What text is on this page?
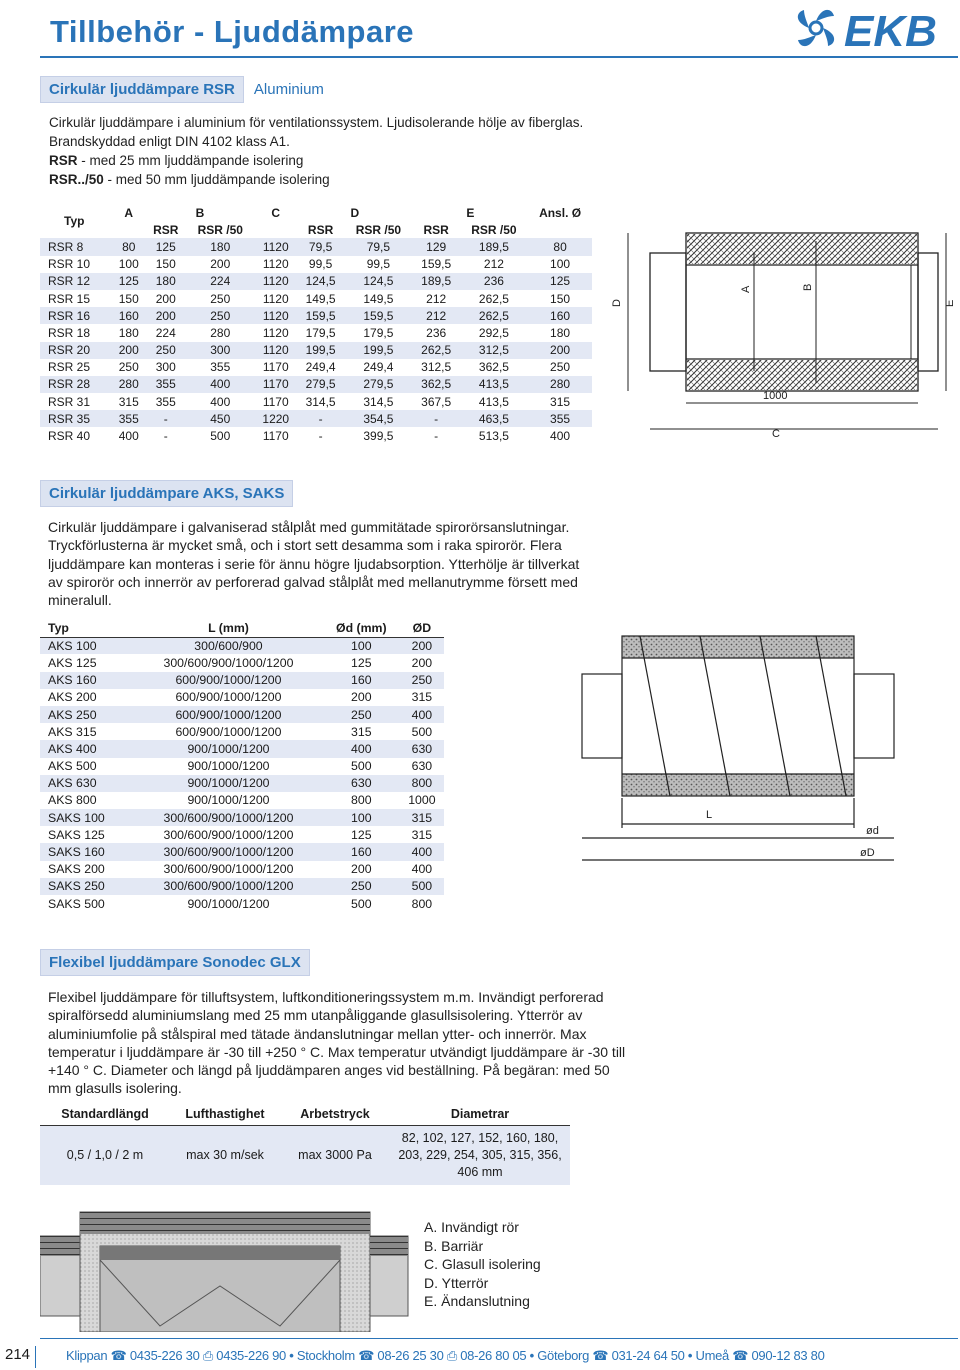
Tillbehör - Ljuddämpare	EKB
Cirkulär ljuddämpare RSR	Aluminium
Cirkulär ljuddämpare i aluminium för ventilationssystem. Ljudisolerande hölje av fiberglas. Brandskyddad enligt DIN 4102 klass A1.
RSR - med 25 mm ljuddämpande isolering
RSR../50 - med 50 mm ljuddämpande isolering
Typ	A	B		C	D		E		Ansl. Ø
		RSR	RSR /50		RSR	RSR /50	RSR	RSR /50	
RSR 8	80	125	180	1120	79,5	79,5	129	189,5	80
RSR 10	100	150	200	1120	99,5	99,5	159,5	212	100
RSR 12	125	180	224	1120	124,5	124,5	189,5	236	125
RSR 15	150	200	250	1120	149,5	149,5	212	262,5	150
RSR 16	160	200	250	1120	159,5	159,5	212	262,5	160
RSR 18	180	224	280	1120	179,5	179,5	236	292,5	180
RSR 20	200	250	300	1120	199,5	199,5	262,5	312,5	200
RSR 25	250	300	355	1170	249,4	249,4	312,5	362,5	250
RSR 28	280	355	400	1170	279,5	279,5	362,5	413,5	280
RSR 31	315	355	400	1170	314,5	314,5	367,5	413,5	315
RSR 35	355	-	450	1220	-	354,5	-	463,5	355
RSR 40	400	-	500	1170	-	399,5	-	513,5	400
D
A	B
E
1000
C
Cirkulär ljuddämpare AKS, SAKS
Cirkulär ljuddämpare i galvaniserad stålplåt med gummitätade spirorörsanslutningar. Tryckförlusterna är mycket små, och i stort sett desamma som i raka spirorör. Flera ljuddämpare kan monteras i serie för ännu högre ljudabsorption. Ytterhölje är tillverkat av spirorör och innerrör av perforerad galvad stålplåt med mellanutrymme försett med mineralull.
Typ	L (mm)	Ød (mm)	ØD
AKS 100	300/600/900	100	200
AKS 125	300/600/900/1000/1200	125	200
AKS 160	600/900/1000/1200	160	250
AKS 200	600/900/1000/1200	200	315
AKS 250	600/900/1000/1200	250	400
AKS 315	600/900/1000/1200	315	500
AKS 400	900/1000/1200	400	630
AKS 500	900/1000/1200	500	630
AKS 630	900/1000/1200	630	800
AKS 800	900/1000/1200	800	1000
SAKS 100	300/600/900/1000/1200	100	315
SAKS 125	300/600/900/1000/1200	125	315
SAKS 160	300/600/900/1000/1200	160	400
SAKS 200	300/600/900/1000/1200	200	400
SAKS 250	300/600/900/1000/1200	250	500
SAKS 500	900/1000/1200	500	800
L
ød
øD
Flexibel ljuddämpare Sonodec GLX
Flexibel ljuddämpare för tilluftsystem, luftkonditioneringssystem m.m. Invändigt perforerad spiralförsedd aluminiumslang med 25 mm utanpåliggande glasullsisolering. Ytterrör av aluminiumfolie på stålspiral med tätade ändanslutningar mellan ytter- och innerrör. Max temperatur i ljuddämpare är -30 till +250 ° C. Max temperatur utvändigt ljuddämpare är -30 till +140 ° C. Diameter och längd på ljuddämparen anges vid beställning. På begäran: med 50 mm glasulls isolering.
Standardlängd	Lufthastighet	Arbetstryck	Diametrar
0,5 / 1,0 / 2 m	max 30 m/sek	max 3000 Pa	82, 102, 127, 152, 160, 180, 203, 229, 254, 305, 315, 356, 406 mm
A. Invändigt rör
B. Barriär
C. Glasull isolering
D. Ytterrör
E. Ändanslutning
214	Klippan ☎ 0435-226 30 ⎙ 0435-226 90 • Stockholm ☎ 08-26 25 30 ⎙ 08-26 80 05 • Göteborg ☎ 031-24 64 50 • Umeå ☎ 090-12 83 80
